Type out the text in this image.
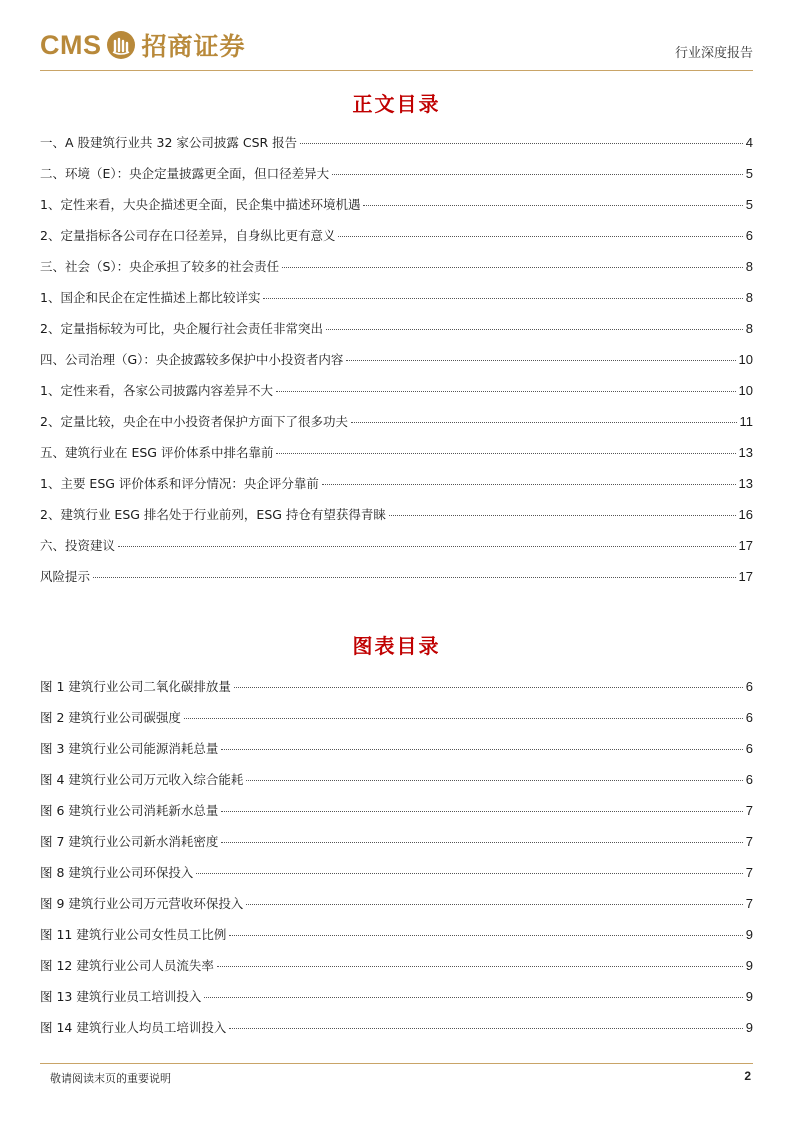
CMS 招商证券	行业深度报告
正文目录
一、A 股建筑行业共 32 家公司披露 CSR 报告	4
二、环境（E）：央企定量披露更全面，但口径差异大	5
1、定性来看，大央企描述更全面，民企集中描述环境机遇	5
2、定量指标各公司存在口径差异，自身纵比更有意义	6
三、社会（S）：央企承担了较多的社会责任	8
1、国企和民企在定性描述上都比较详实	8
2、定量指标较为可比，央企履行社会责任非常突出	8
四、公司治理（G）：央企披露较多保护中小投资者内容	10
1、定性来看，各家公司披露内容差异不大	10
2、定量比较，央企在中小投资者保护方面下了很多功夫	11
五、建筑行业在 ESG 评价体系中排名靠前	13
1、主要 ESG 评价体系和评分情况：央企评分靠前	13
2、建筑行业 ESG 排名处于行业前列，ESG 持仓有望获得青睐	16
六、投资建议	17
风险提示	17
图表目录
图 1 建筑行业公司二氧化碳排放量	6
图 2 建筑行业公司碳强度	6
图 3 建筑行业公司能源消耗总量	6
图 4 建筑行业公司万元收入综合能耗	6
图 6 建筑行业公司消耗新水总量	7
图 7 建筑行业公司新水消耗密度	7
图 8 建筑行业公司环保投入	7
图 9 建筑行业公司万元营收环保投入	7
图 11 建筑行业公司女性员工比例	9
图 12 建筑行业公司人员流失率	9
图 13 建筑行业员工培训投入	9
图 14 建筑行业人均员工培训投入	9
敬请阅读末页的重要说明	2
